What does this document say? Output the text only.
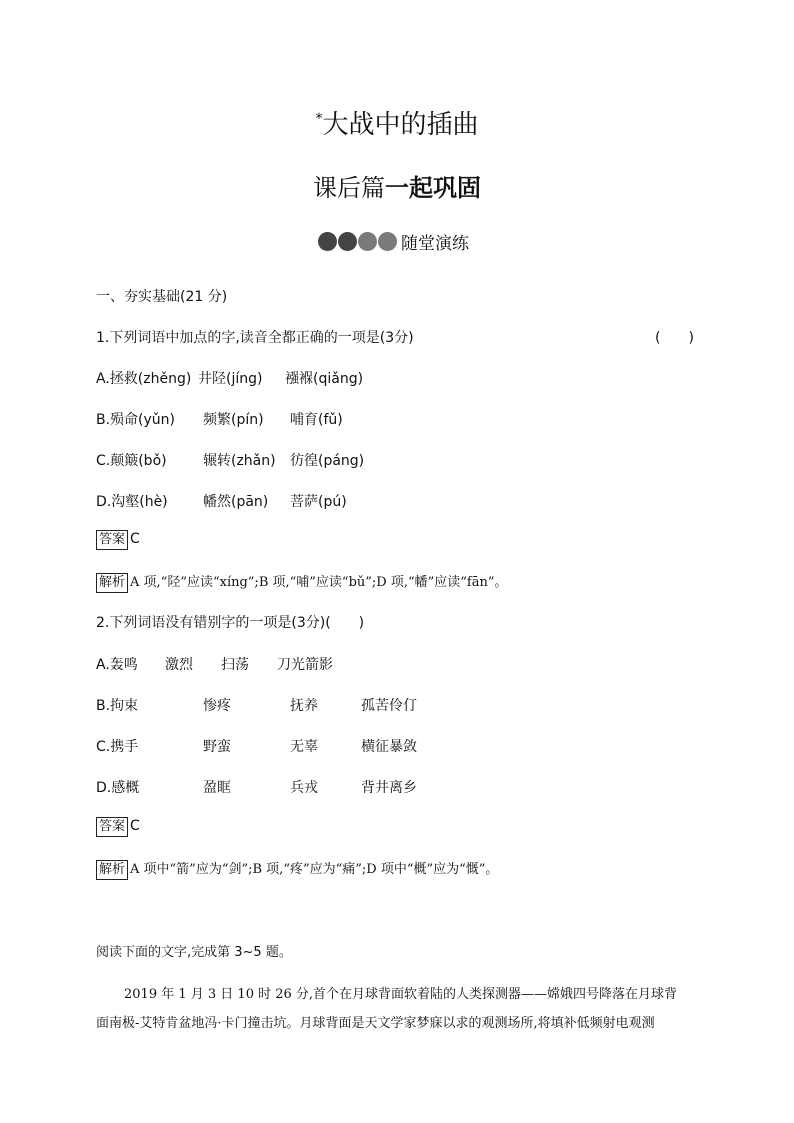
*大战中的插曲
课后篇一起巩固
随堂演练
一、夯实基础(21 分)
1.下列词语中加点的字,读音全都正确的一项是(3分)	(　　)
A.拯救(zhěng) 井陉(jíng) 襁褓(qiǎng)
B.殒命(yǔn) 频繁(pín) 哺育(fǔ)
C.颠簸(bǒ)	辗转(zhǎn) 彷徨(páng)
D.沟壑(hè)	幡然(pān) 菩萨(pú)
答案 C
解析 A 项,“陉”应读“xíng”;B 项,“哺”应读“bǔ”;D 项,“幡”应读“fān”。
2.下列词语没有错别字的一项是(3分)(　　)
A.轰鸣 激烈 扫荡 刀光箭影
B.拘束	惨疼	抚养	孤苦伶仃
C.携手	野蛮	无辜	横征暴敛
D.感概	盈眶	兵戎	背井离乡
答案 C
解析 A 项中“箭”应为“剑”;B 项,“疼”应为“痛”;D 项中“概”应为“慨”。
阅读下面的文字,完成第 3~5 题。
2019 年 1 月 3 日 10 时 26 分,首个在月球背面软着陆的人类探测器——嫦娥四号降落在月球背
面南极-艾特肯盆地冯·卡门撞击坑。月球背面是天文学家梦寐以求的观测场所,将填补低频射电观测
